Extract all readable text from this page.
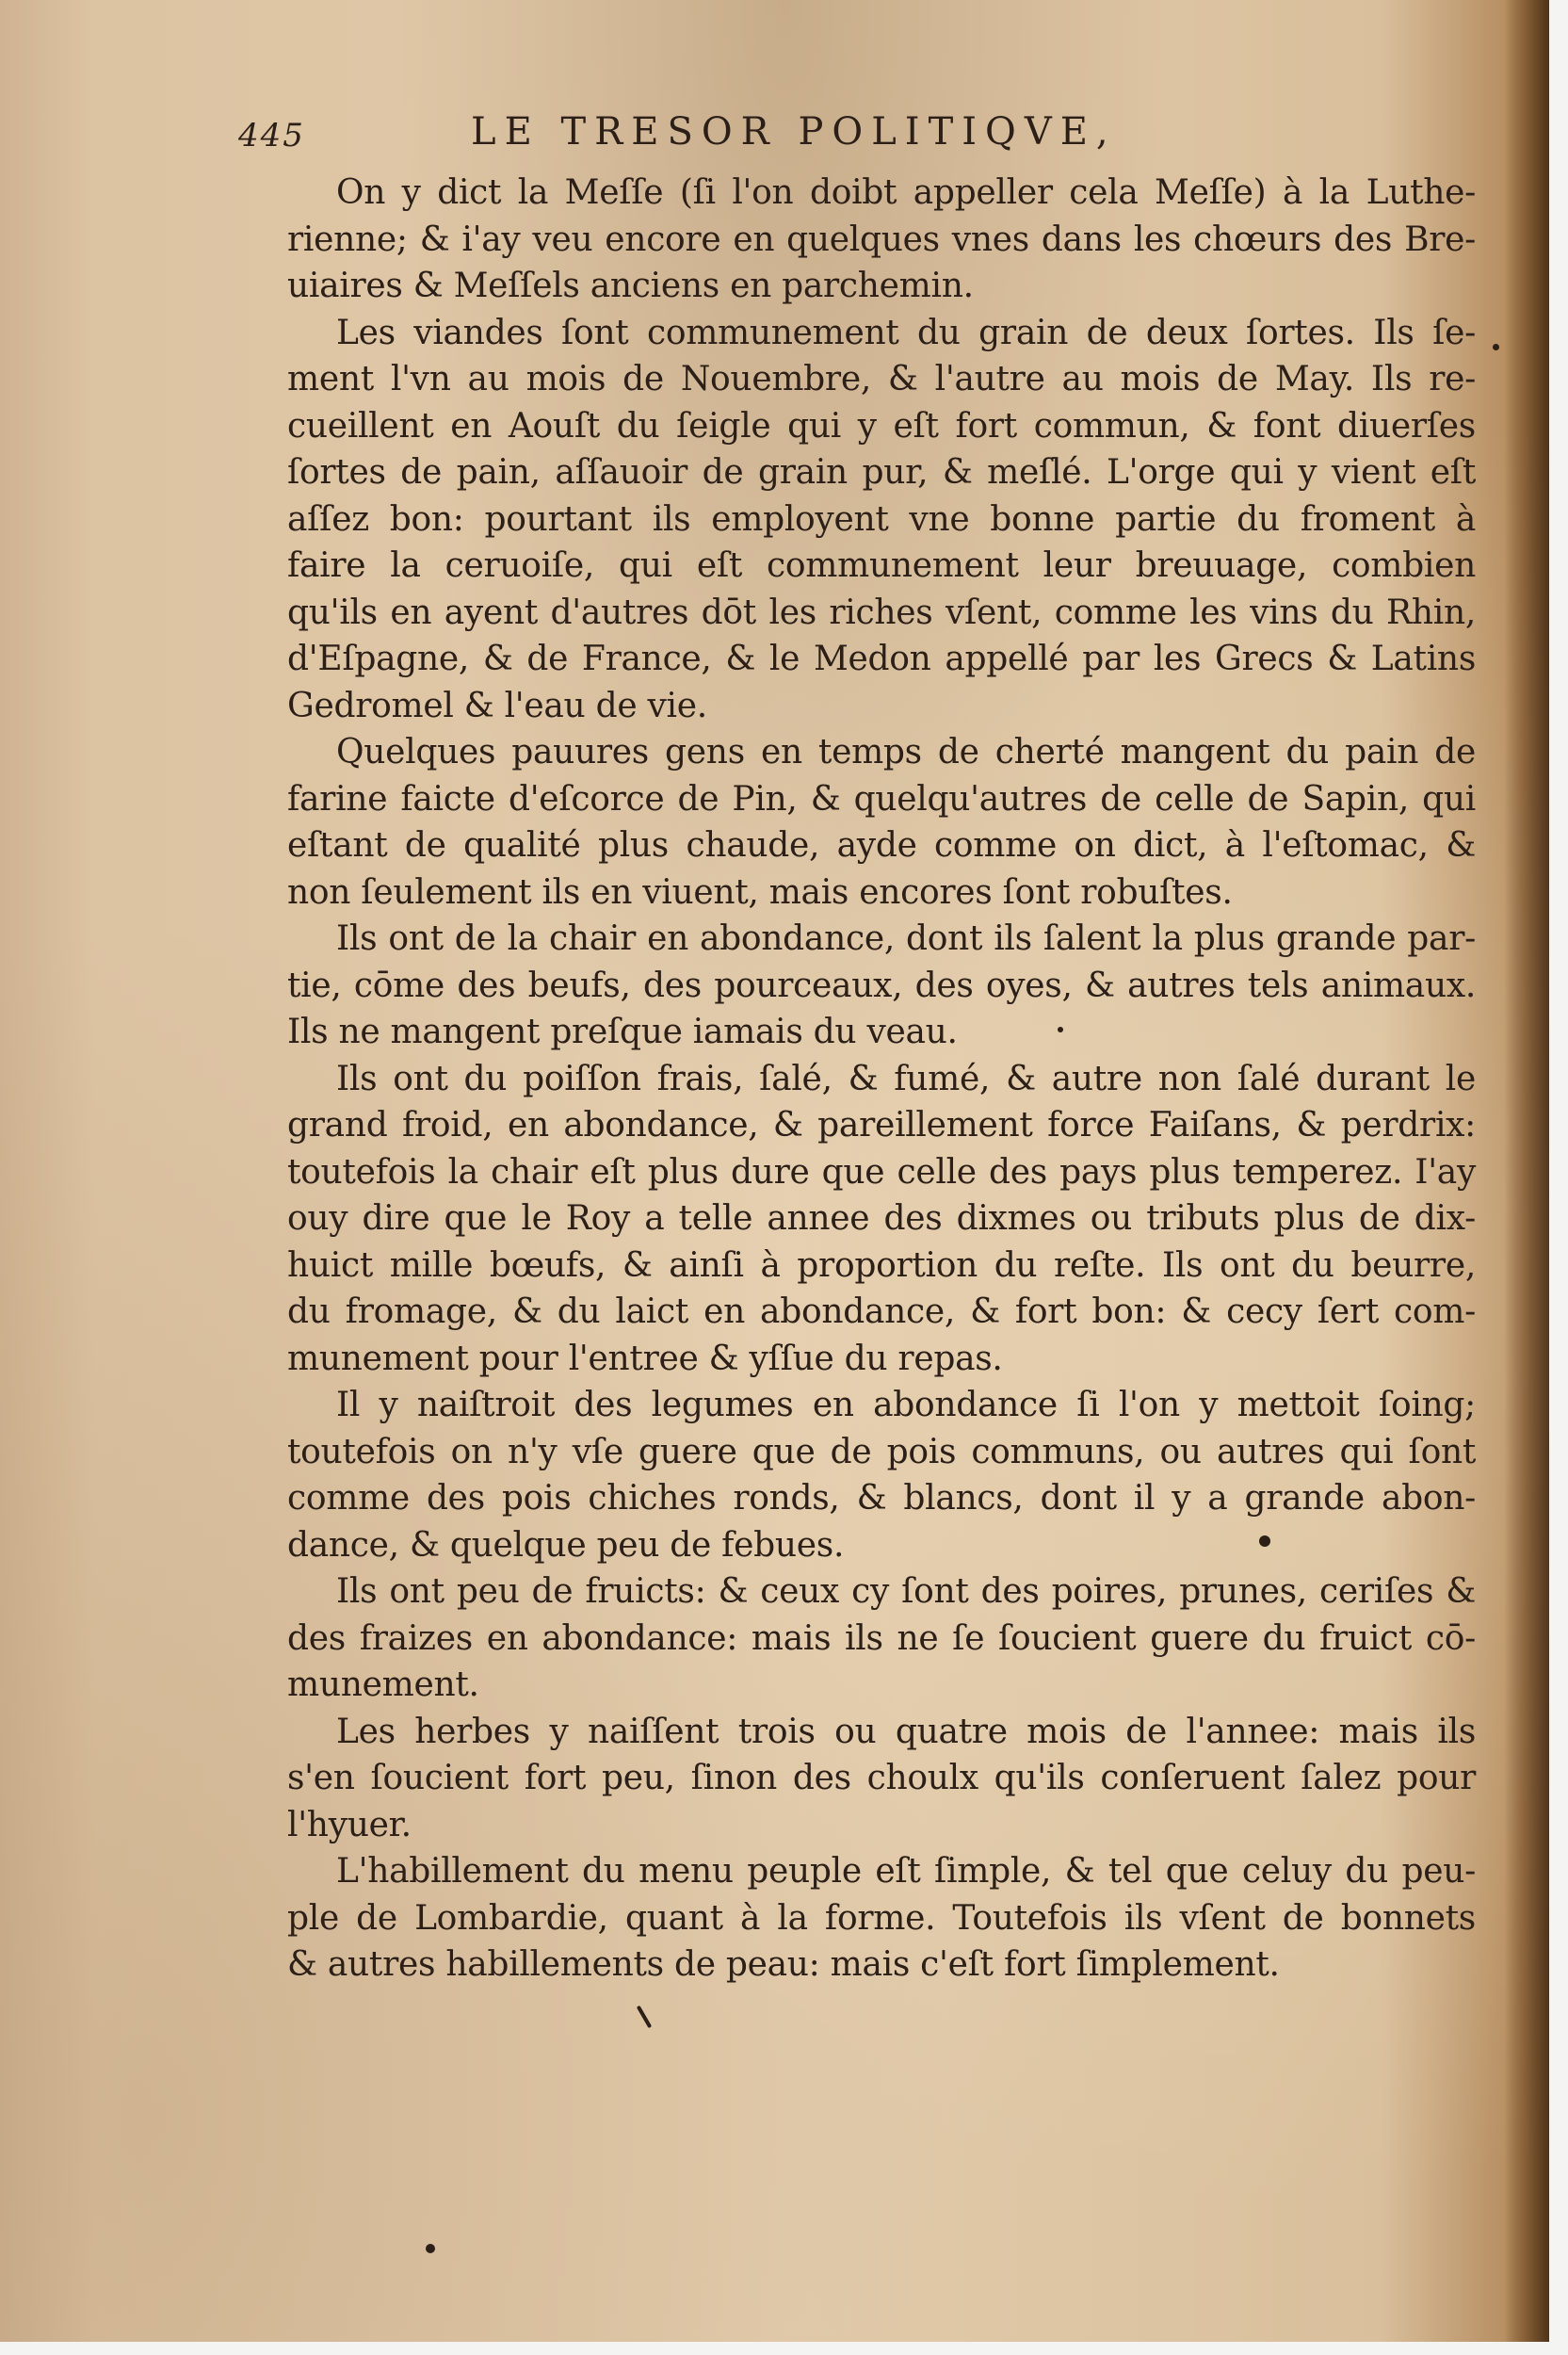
445	LE TRESOR POLITIQVE,
On y dict la Meſſe (ſi l'on doibt appeller cela Meſſe) à la Luthe-
rienne; & i'ay veu encore en quelques vnes dans les chœurs des Bre-
uiaires & Meſſels anciens en parchemin.
Les viandes ſont communement du grain de deux ſortes. Ils ſe-
ment l'vn au mois de Nouembre, & l'autre au mois de May. Ils re-
cueillent en Aouſt du ſeigle qui y eſt fort commun, & font diuerſes
ſortes de pain, aſſauoir de grain pur, & meſlé. L'orge qui y vient eſt
aſſez bon: pourtant ils employent vne bonne partie du froment à
faire la ceruoiſe, qui eſt communement leur breuuage, combien
qu'ils en ayent d'autres dōt les riches vſent, comme les vins du Rhin,
d'Eſpagne, & de France, & le Medon appellé par les Grecs & Latins
Gedromel & l'eau de vie.
Quelques pauures gens en temps de cherté mangent du pain de
farine faicte d'eſcorce de Pin, & quelqu'autres de celle de Sapin, qui
eſtant de qualité plus chaude, ayde comme on dict, à l'eſtomac, &
non ſeulement ils en viuent, mais encores ſont robuſtes.
Ils ont de la chair en abondance, dont ils ſalent la plus grande par-
tie, cōme des beufs, des pourceaux, des oyes, & autres tels animaux.
Ils ne mangent preſque iamais du veau.
Ils ont du poiſſon frais, ſalé, & fumé, & autre non ſalé durant le
grand froid, en abondance, & pareillement force Faiſans, & perdrix:
toutefois la chair eſt plus dure que celle des pays plus temperez. I'ay
ouy dire que le Roy a telle annee des dixmes ou tributs plus de dix-
huict mille bœufs, & ainſi à proportion du reſte. Ils ont du beurre,
du fromage, & du laict en abondance, & fort bon: & cecy ſert com-
munement pour l'entree & yſſue du repas.
Il y naiſtroit des legumes en abondance ſi l'on y mettoit ſoing;
toutefois on n'y vſe guere que de pois communs, ou autres qui ſont
comme des pois chiches ronds, & blancs, dont il y a grande abon-
dance, & quelque peu de febues.
Ils ont peu de fruicts: & ceux cy ſont des poires, prunes, ceriſes &
des fraizes en abondance: mais ils ne ſe ſoucient guere du fruict cō-
munement.
Les herbes y naiſſent trois ou quatre mois de l'annee: mais ils
s'en ſoucient fort peu, ſinon des choulx qu'ils conſeruent ſalez pour
l'hyuer.
L'habillement du menu peuple eſt ſimple, & tel que celuy du peu-
ple de Lombardie, quant à la forme. Toutefois ils vſent de bonnets
& autres habillements de peau: mais c'eſt fort ſimplement.
